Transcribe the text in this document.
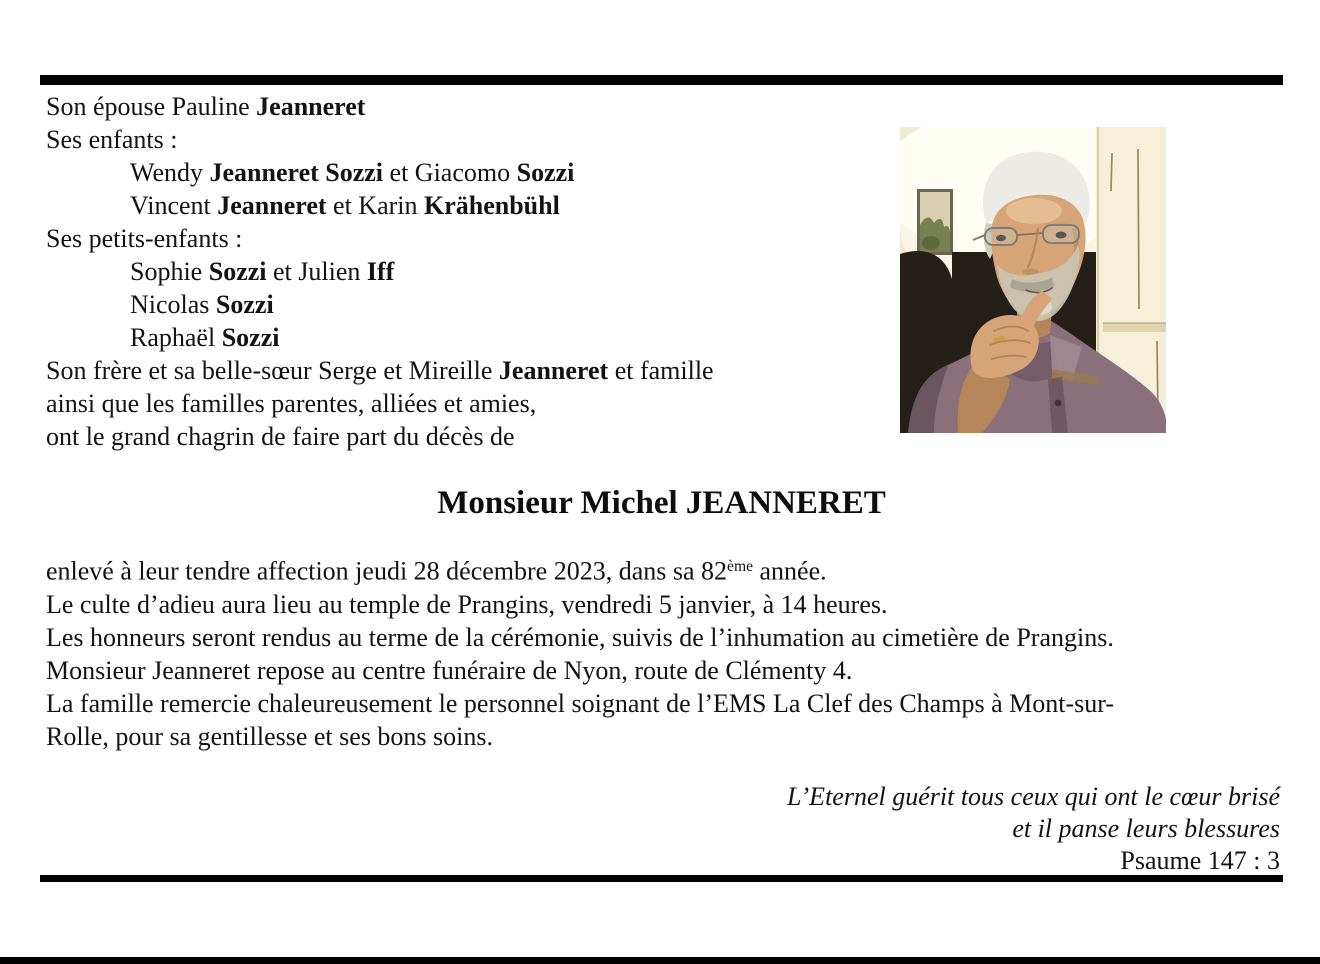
Son épouse Pauline Jeanneret
Ses enfants :
Wendy Jeanneret Sozzi et Giacomo Sozzi
Vincent Jeanneret et Karin Krähenbühl
Ses petits-enfants :
Sophie Sozzi et Julien Iff
Nicolas Sozzi
Raphaël Sozzi
Son frère et sa belle-sœur Serge et Mireille Jeanneret et famille
ainsi que les familles parentes, alliées et amies,
ont le grand chagrin de faire part du décès de
Monsieur Michel JEANNERET
enlevé à leur tendre affection jeudi 28 décembre 2023, dans sa 82ème année.
Le culte d’adieu aura lieu au temple de Prangins, vendredi 5 janvier, à 14 heures.
Les honneurs seront rendus au terme de la cérémonie, suivis de l’inhumation au cimetière de Prangins.
Monsieur Jeanneret repose au centre funéraire de Nyon, route de Clémenty 4.
La famille remercie chaleureusement le personnel soignant de l’EMS La Clef des Champs à Mont-sur-
Rolle, pour sa gentillesse et ses bons soins.
L’Eternel guérit tous ceux qui ont le cœur brisé
et il panse leurs blessures
Psaume 147 : 3
